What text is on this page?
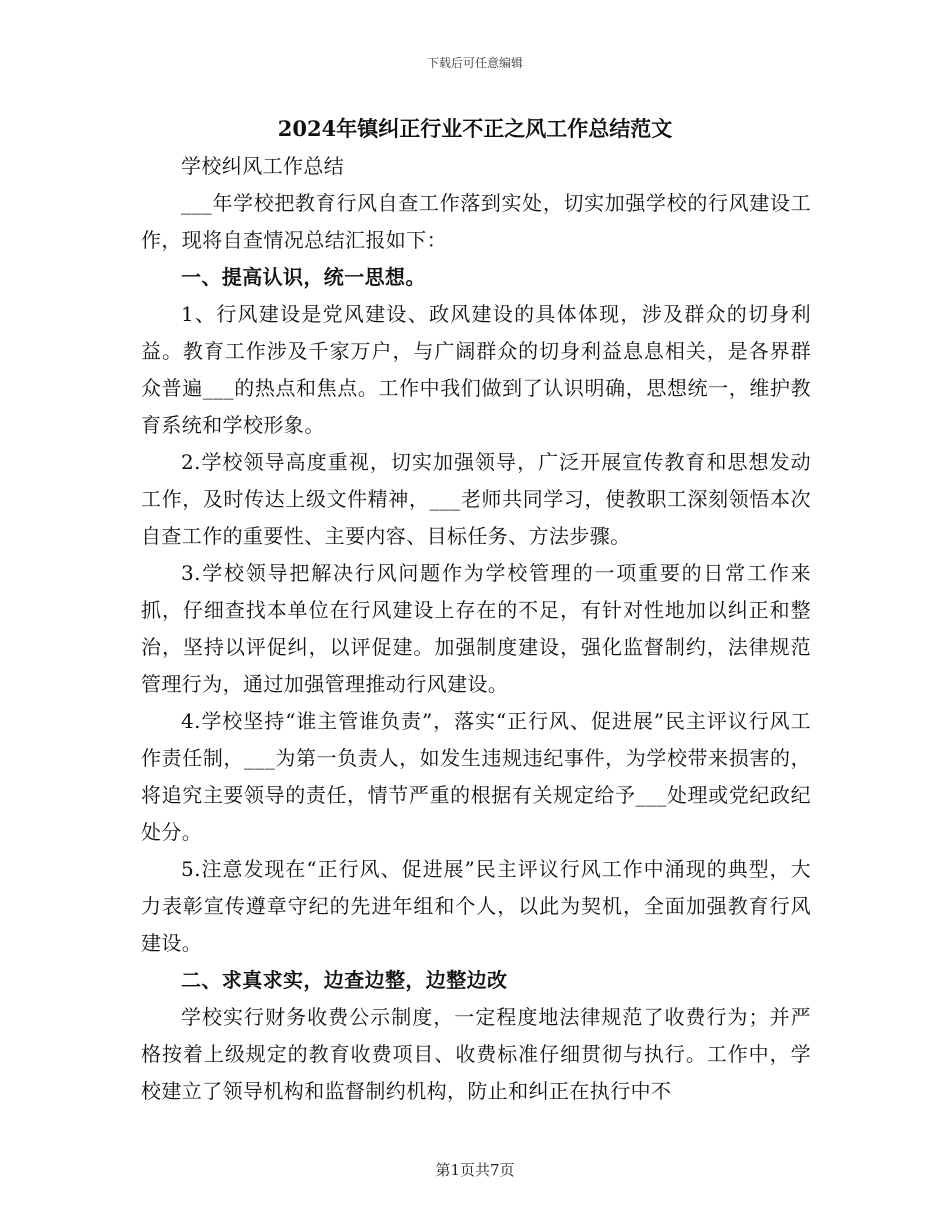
下载后可任意编辑
2024年镇纠正行业不正之风工作总结范文

学校纠风工作总结

___年学校把教育行风自查工作落到实处，切实加强学校的行风建设工作，现将自查情况总结汇报如下：

一、提高认识，统一思想。

1、行风建设是党风建设、政风建设的具体体现，涉及群众的切身利益。教育工作涉及千家万户，与广阔群众的切身利益息息相关，是各界群众普遍___的热点和焦点。工作中我们做到了认识明确，思想统一，维护教育系统和学校形象。

2.学校领导高度重视，切实加强领导，广泛开展宣传教育和思想发动工作，及时传达上级文件精神，___老师共同学习，使教职工深刻领悟本次自查工作的重要性、主要内容、目标任务、方法步骤。

3.学校领导把解决行风问题作为学校管理的一项重要的日常工作来抓，仔细查找本单位在行风建设上存在的不足，有针对性地加以纠正和整治，坚持以评促纠，以评促建。加强制度建设，强化监督制约，法律规范管理行为，通过加强管理推动行风建设。

4.学校坚持“谁主管谁负责”，落实“正行风、促进展”民主评议行风工作责任制，___为第一负责人，如发生违规违纪事件，为学校带来损害的，将追究主要领导的责任，情节严重的根据有关规定给予___处理或党纪政纪处分。

5.注意发现在“正行风、促进展”民主评议行风工作中涌现的典型，大力表彰宣传遵章守纪的先进年组和个人，以此为契机，全面加强教育行风建设。

二、求真求实，边查边整，边整边改

学校实行财务收费公示制度，一定程度地法律规范了收费行为；并严格按着上级规定的教育收费项目、收费标准仔细贯彻与执行。工作中，学校建立了领导机构和监督制约机构，防止和纠正在执行中不

第1页共7页
